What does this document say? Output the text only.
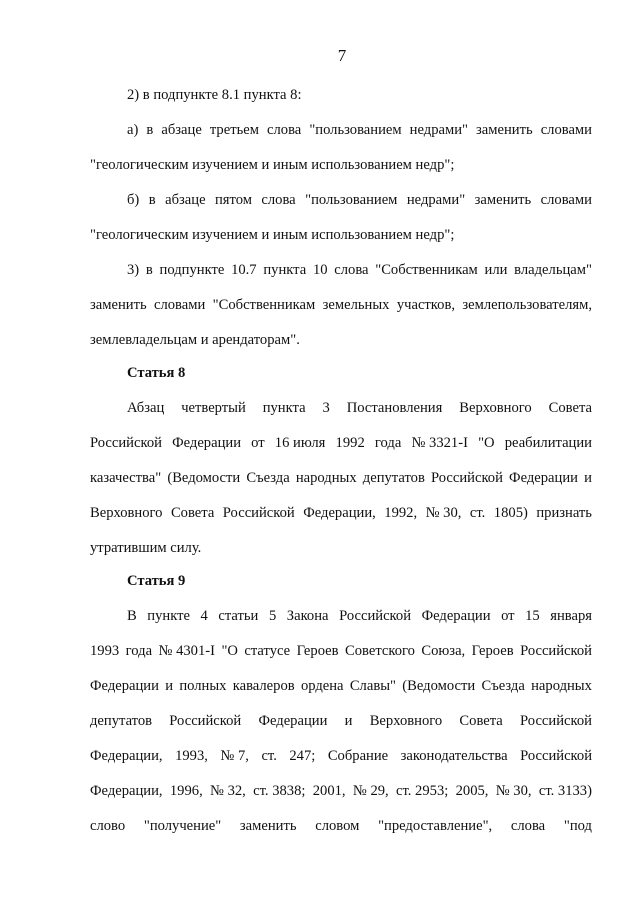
7
2) в подпункте 8.1 пункта 8:
а) в абзаце третьем слова "пользованием недрами" заменить словами
"геологическим изучением и иным использованием недр";
б) в абзаце пятом слова "пользованием недрами" заменить словами
"геологическим изучением и иным использованием недр";
3) в подпункте 10.7 пункта 10 слова "Собственникам или владельцам"
заменить словами "Собственникам земельных участков, землепользователям,
землевладельцам и арендаторам".
Статья 8
Абзац четвертый пункта 3 Постановления Верховного Совета
Российской Федерации от 16 июля 1992 года № 3321-I "О реабилитации
казачества" (Ведомости Съезда народных депутатов Российской Федерации и
Верховного Совета Российской Федерации, 1992, № 30, ст. 1805) признать
утратившим силу.
Статья 9
В пункте 4 статьи 5 Закона Российской Федерации от 15 января
1993 года № 4301-I "О статусе Героев Советского Союза, Героев Российской
Федерации и полных кавалеров ордена Славы" (Ведомости Съезда народных
депутатов Российской Федерации и Верховного Совета Российской
Федерации, 1993, № 7, ст. 247; Собрание законодательства Российской
Федерации, 1996, № 32, ст. 3838; 2001, № 29, ст. 2953; 2005, № 30, ст. 3133)
слово "получение" заменить словом "предоставление", слова "под
